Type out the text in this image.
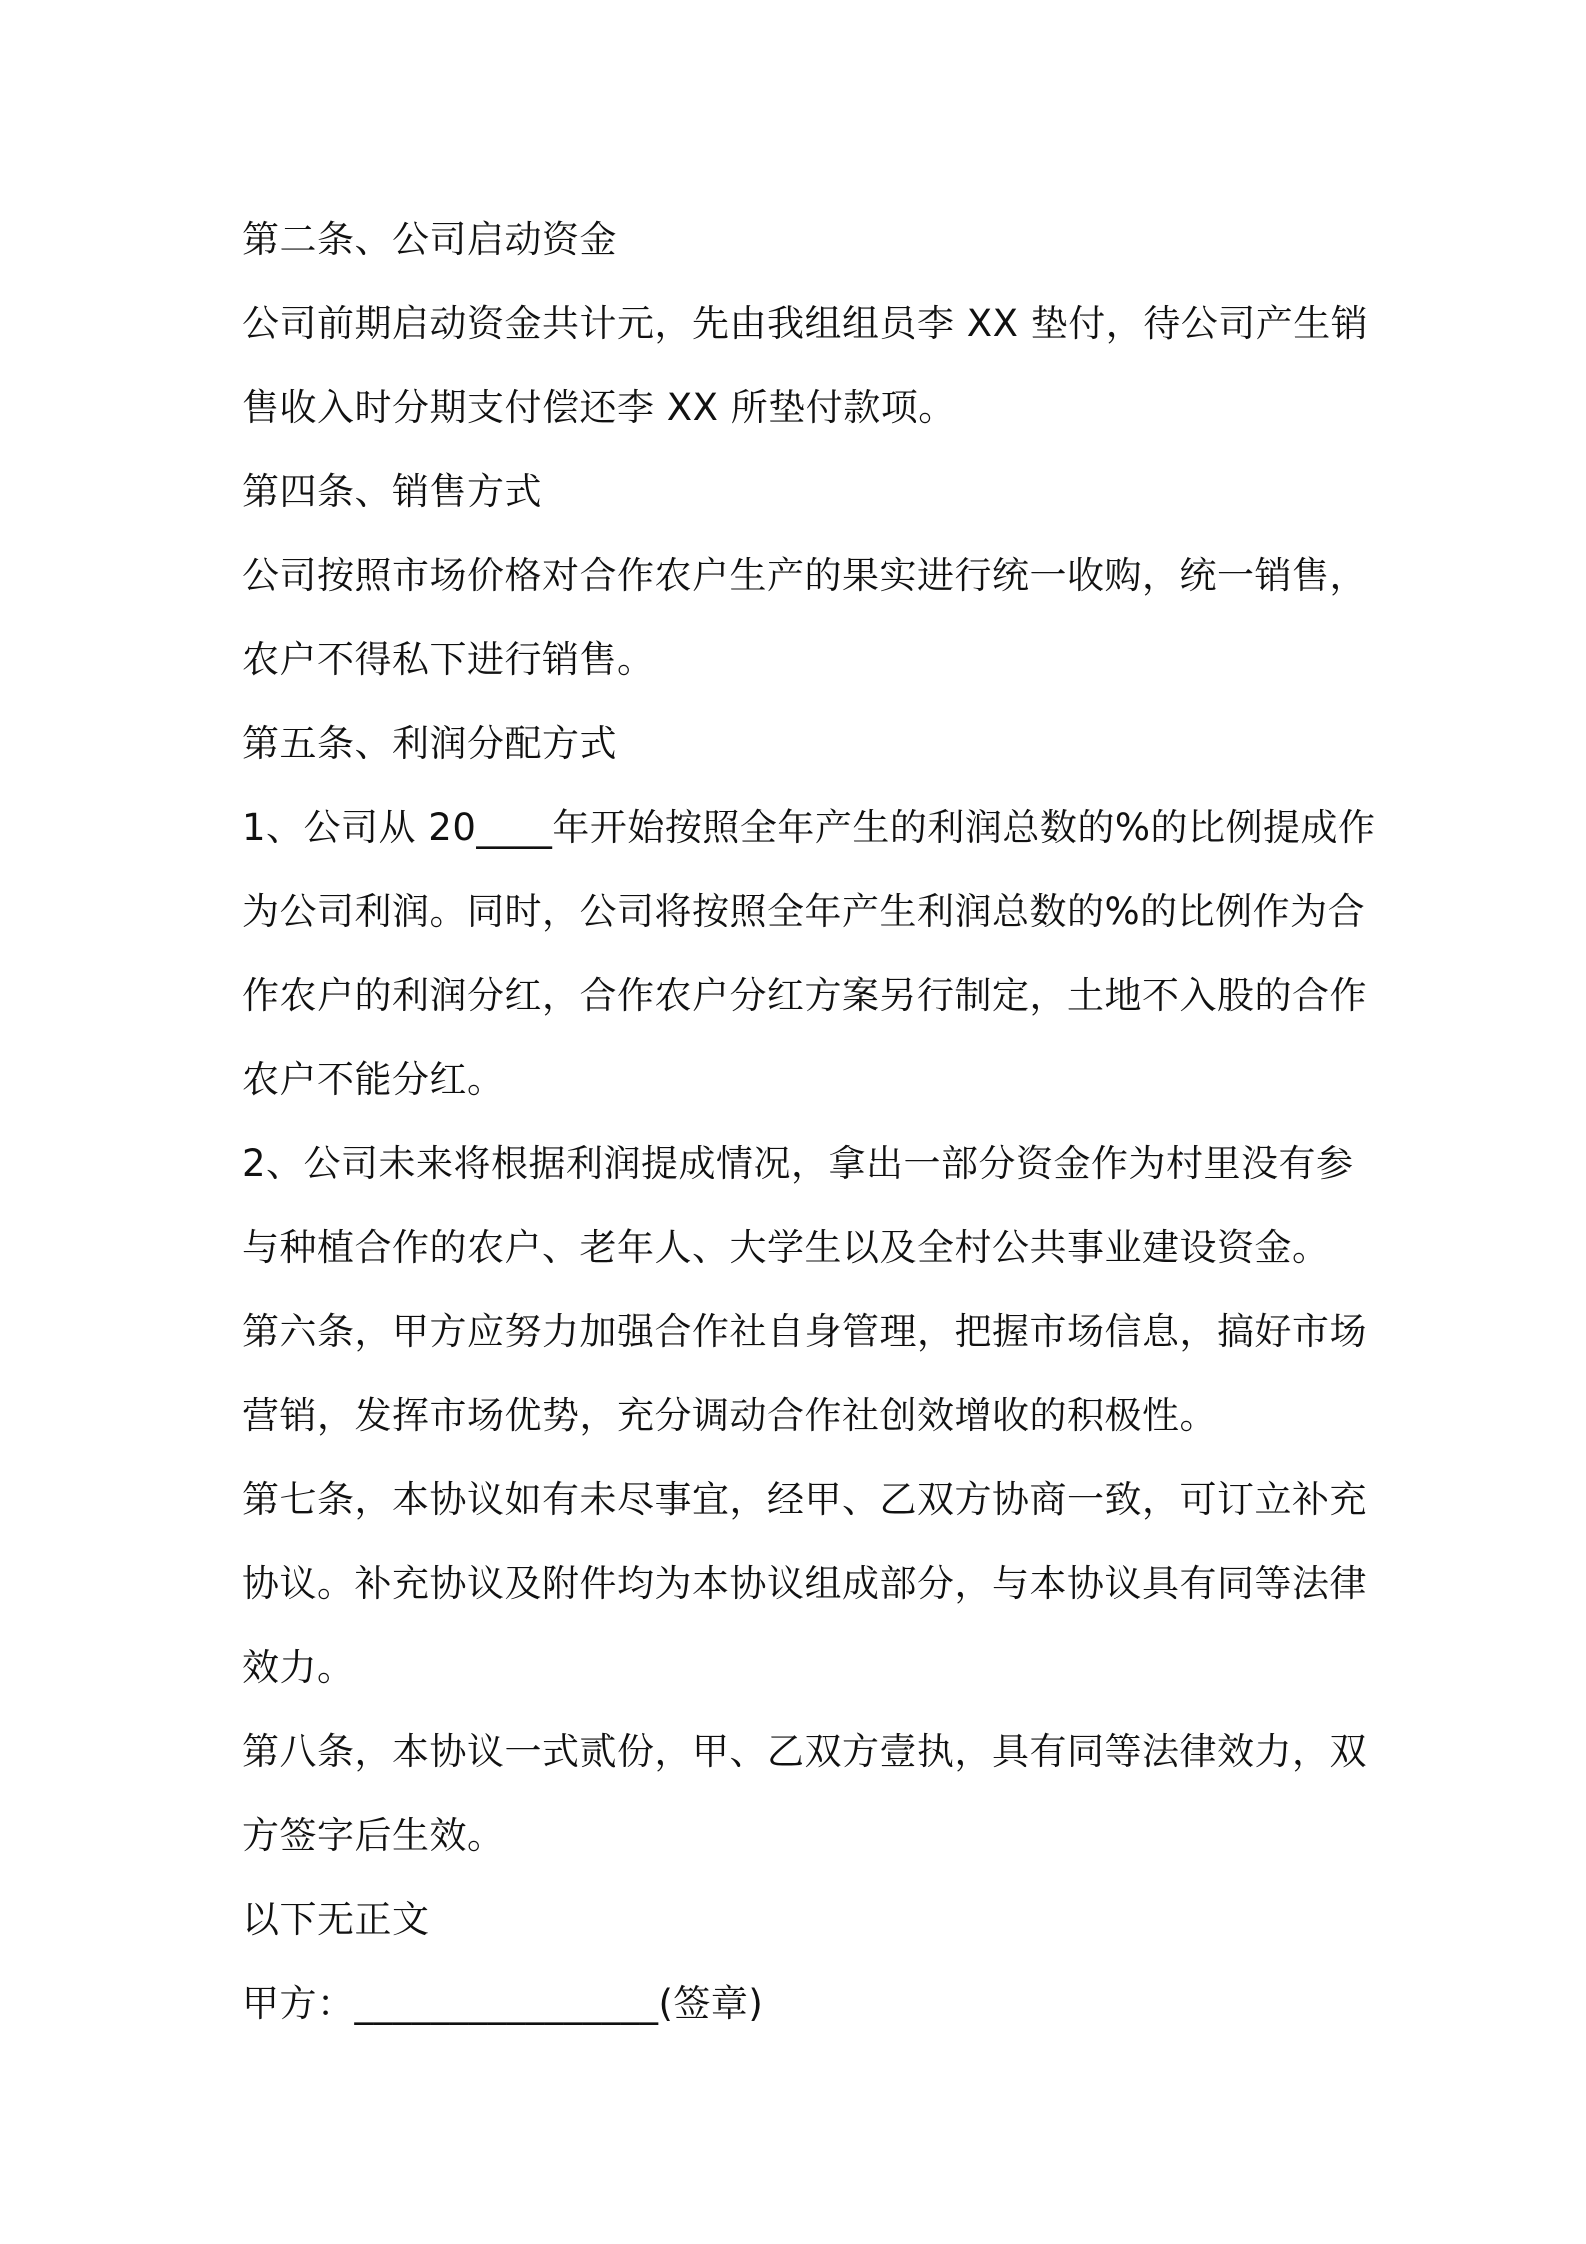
第二条、公司启动资金
公司前期启动资金共计元，先由我组组员李 XX 垫付，待公司产生销
售收入时分期支付偿还李 XX 所垫付款项。
第四条、销售方式
公司按照市场价格对合作农户生产的果实进行统一收购，统一销售，
农户不得私下进行销售。
第五条、利润分配方式
1、公司从 20____年开始按照全年产生的利润总数的%的比例提成作
为公司利润。同时，公司将按照全年产生利润总数的%的比例作为合
作农户的利润分红，合作农户分红方案另行制定，土地不入股的合作
农户不能分红。
2、公司未来将根据利润提成情况，拿出一部分资金作为村里没有参
与种植合作的农户、老年人、大学生以及全村公共事业建设资金。
第六条，甲方应努力加强合作社自身管理，把握市场信息，搞好市场
营销，发挥市场优势，充分调动合作社创效增收的积极性。
第七条，本协议如有未尽事宜，经甲、乙双方协商一致，可订立补充
协议。补充协议及附件均为本协议组成部分，与本协议具有同等法律
效力。
第八条，本协议一式贰份，甲、乙双方壹执，具有同等法律效力，双
方签字后生效。
以下无正文
甲方：________________(签章)
